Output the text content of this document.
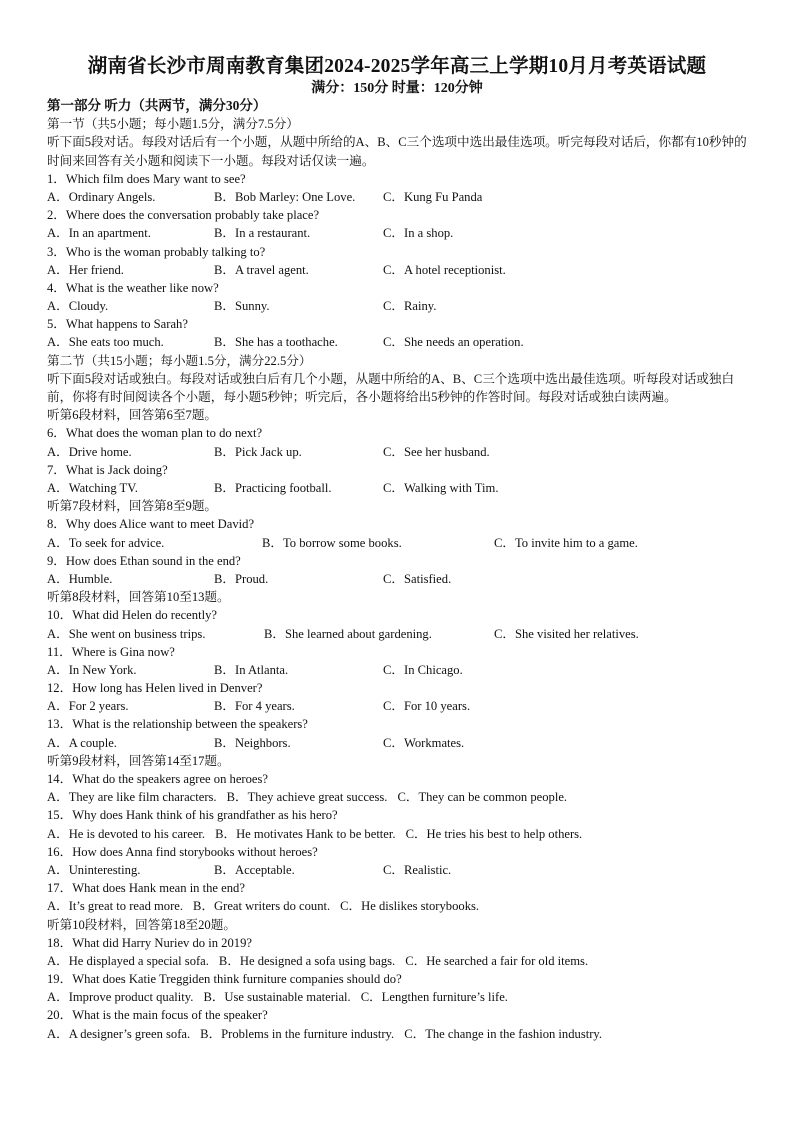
湖南省长沙市周南教育集团2024-2025学年高三上学期10月月考英语试题
满分：150分 时量：120分钟
第一部分 听力（共两节，满分30分）
第一节（共5小题；每小题1.5分，满分7.5分）
听下面5段对话。每段对话后有一个小题，从题中所给的A、B、C三个选项中选出最佳选项。听完每段对话后，你都有10秒钟的时间来回答有关小题和阅读下一小题。每段对话仅读一遍。
1．Which film does Mary want to see?
A．Ordinary Angels.	B．Bob Marley: One Love.	C．Kung Fu Panda
2．Where does the conversation probably take place?
A．In an apartment.	B．In a restaurant.	C．In a shop.
3．Who is the woman probably talking to?
A．Her friend.	B．A travel agent.	C．A hotel receptionist.
4．What is the weather like now?
A．Cloudy.	B．Sunny.	C．Rainy.
5．What happens to Sarah?
A．She eats too much.	B．She has a toothache.	C．She needs an operation.
第二节（共15小题；每小题1.5分，满分22.5分）
听下面5段对话或独白。每段对话或独白后有几个小题，从题中所给的A、B、C三个选项中选出最佳选项。听每段对话或独白前，你将有时间阅读各个小题，每小题5秒钟；听完后，各小题将给出5秒钟的作答时间。每段对话或独白读两遍。
听第6段材料，回答第6至7题。
6．What does the woman plan to do next?
A．Drive home.	B．Pick Jack up.	C．See her husband.
7．What is Jack doing?
A．Watching TV.	B．Practicing football.	C．Walking with Tim.
听第7段材料，回答第8至9题。
8．Why does Alice want to meet David?
A．To seek for advice.	B．To borrow some books.	C．To invite him to a game.
9．How does Ethan sound in the end?
A．Humble.	B．Proud.	C．Satisfied.
听第8段材料，回答第10至13题。
10．What did Helen do recently?
A．She went on business trips.	B．She learned about gardening.	C．She visited her relatives.
11．Where is Gina now?
A．In New York.	B．In Atlanta.	C．In Chicago.
12．How long has Helen lived in Denver?
A．For 2 years.	B．For 4 years.	C．For 10 years.
13．What is the relationship between the speakers?
A．A couple.	B．Neighbors.	C．Workmates.
听第9段材料，回答第14至17题。
14．What do the speakers agree on heroes?
A．They are like film characters. B．They achieve great success. C．They can be common people.
15．Why does Hank think of his grandfather as his hero?
A．He is devoted to his career. B．He motivates Hank to be better. C．He tries his best to help others.
16．How does Anna find storybooks without heroes?
A．Uninteresting.	B．Acceptable.	C．Realistic.
17．What does Hank mean in the end?
A．It’s great to read more. B．Great writers do count. C．He dislikes storybooks.
听第10段材料，回答第18至20题。
18．What did Harry Nuriev do in 2019?
A．He displayed a special sofa. B．He designed a sofa using bags. C．He searched a fair for old items.
19．What does Katie Treggiden think furniture companies should do?
A．Improve product quality. B．Use sustainable material. C．Lengthen furniture’s life.
20．What is the main focus of the speaker?
A．A designer’s green sofa. B．Problems in the furniture industry. C．The change in the fashion industry.
